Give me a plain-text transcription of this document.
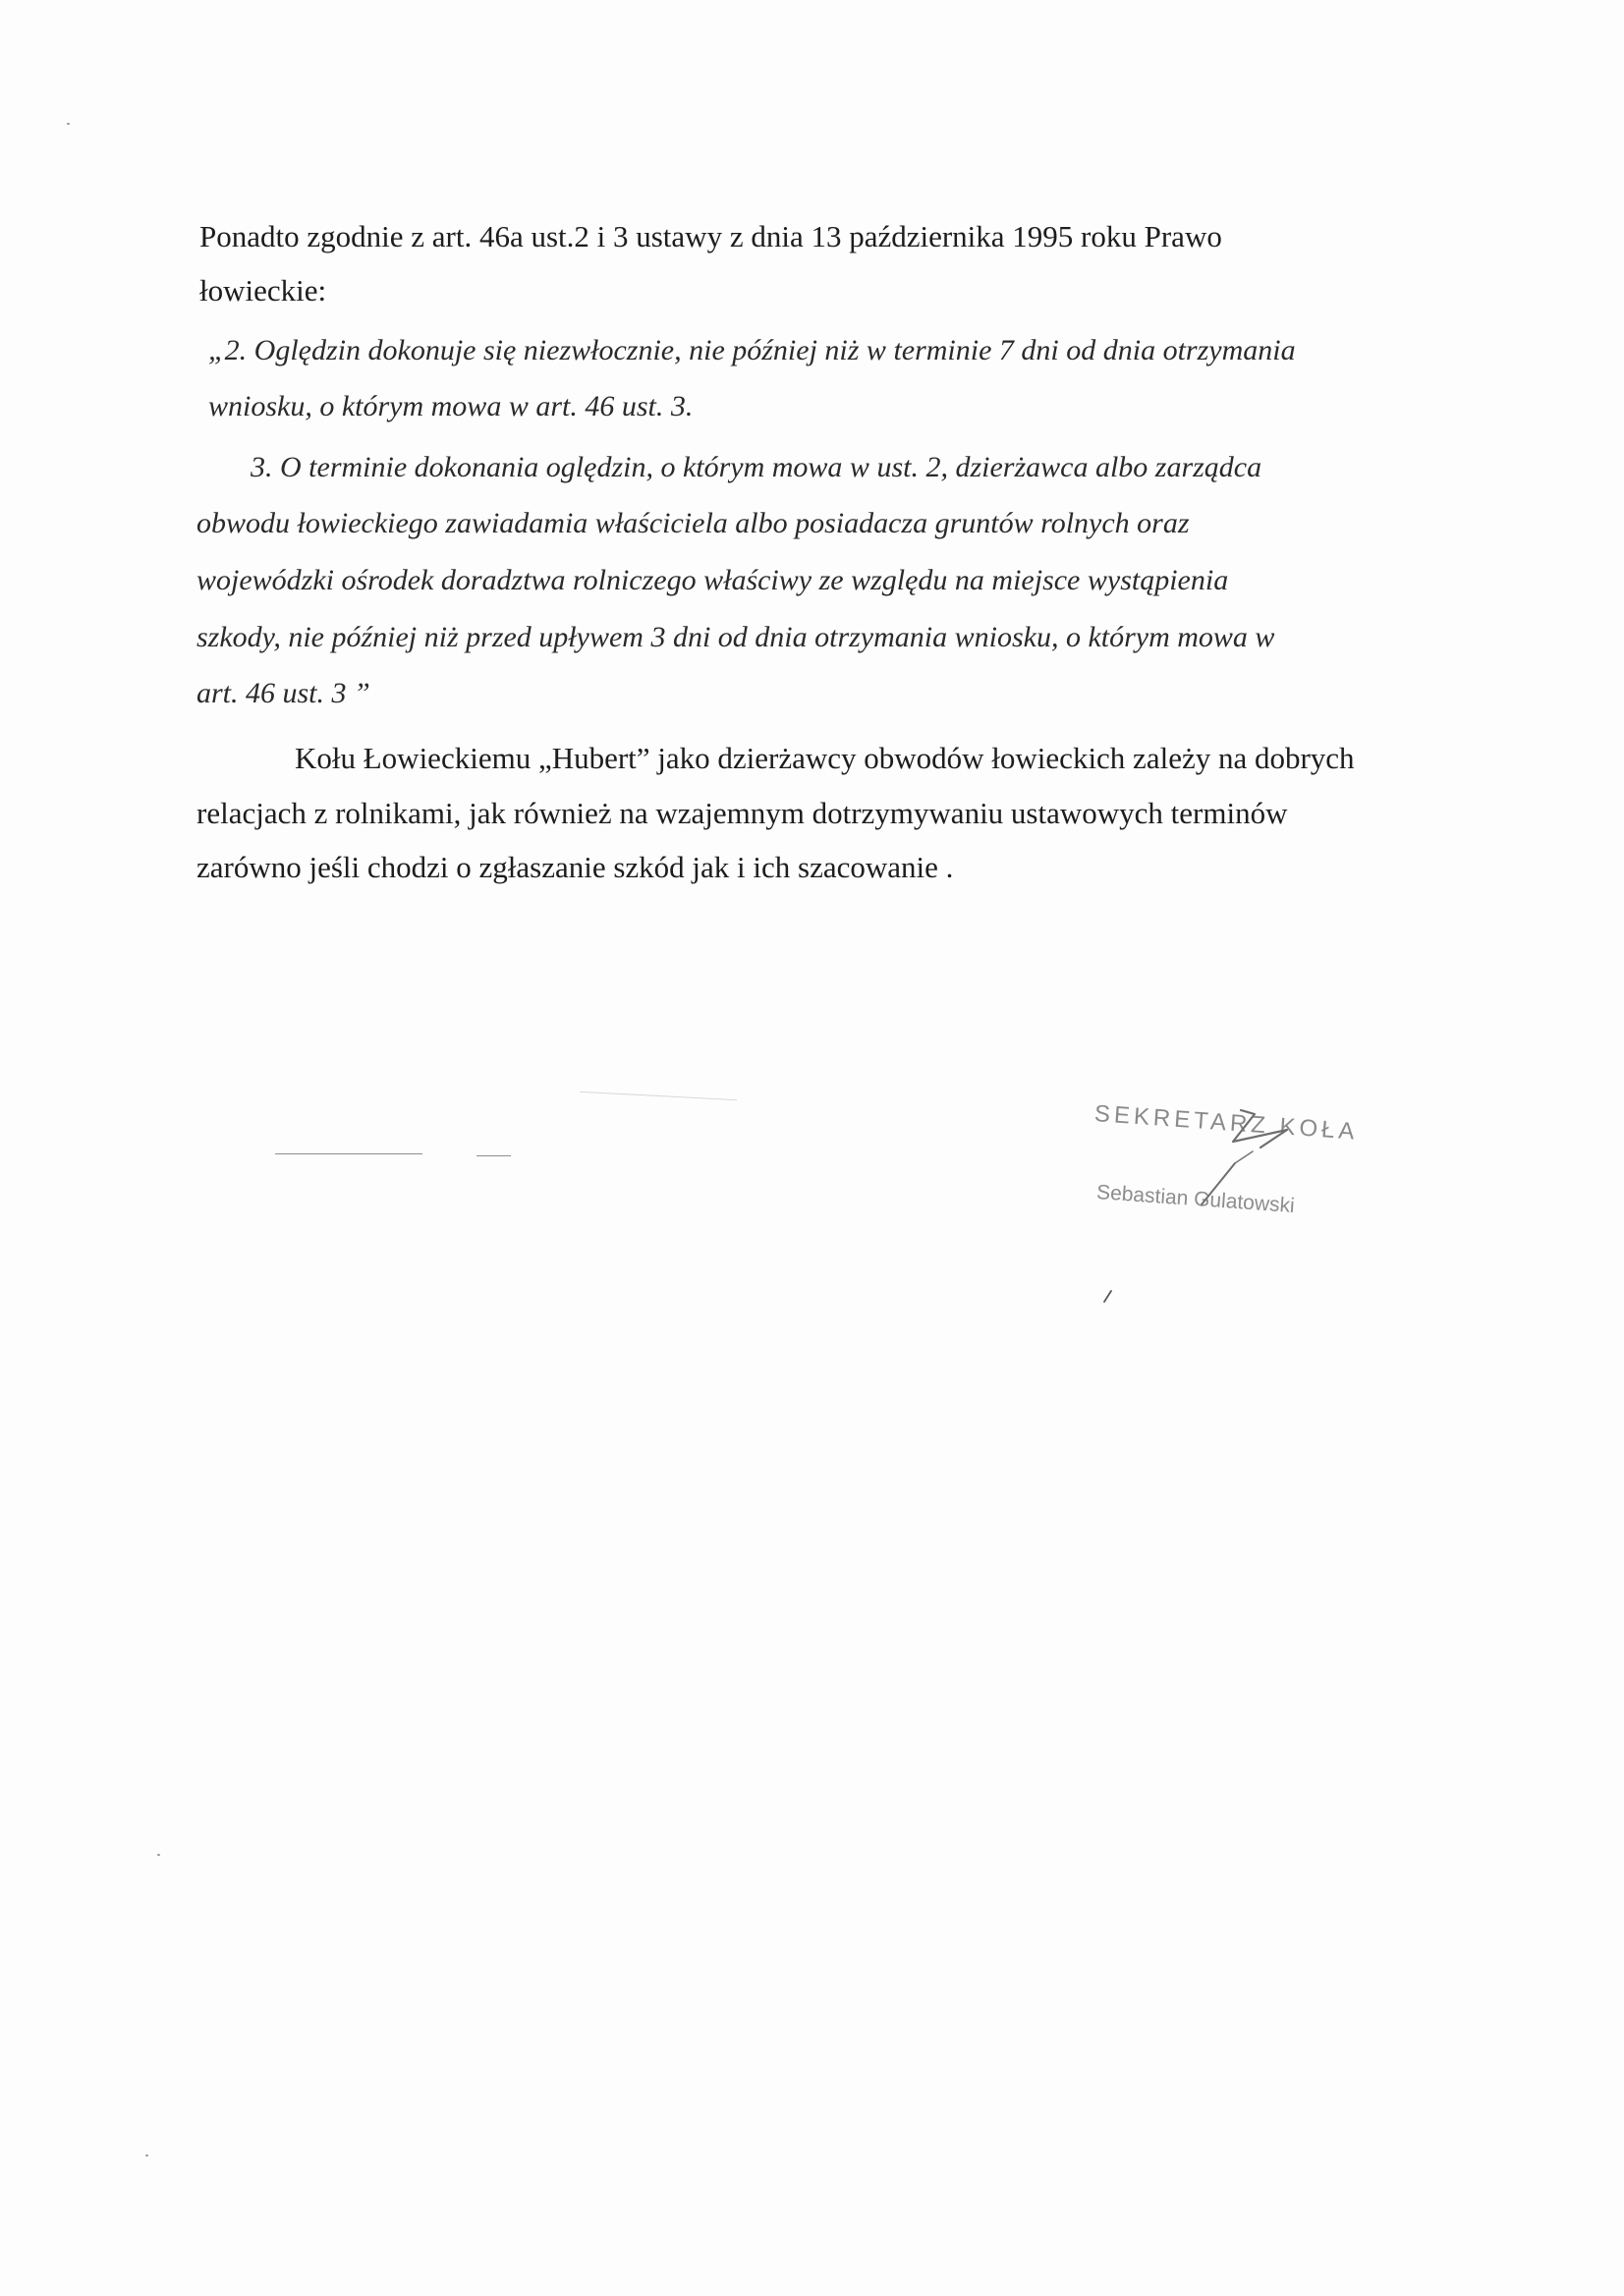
Ponadto zgodnie z art. 46a ust.2 i 3 ustawy z dnia 13 października 1995 roku Prawo
łowieckie:
„2. Oględzin dokonuje się niezwłocznie, nie później niż w terminie 7 dni od dnia otrzymania
wniosku, o którym mowa w art. 46 ust. 3.
3. O terminie dokonania oględzin, o którym mowa w ust. 2, dzierżawca albo zarządca
obwodu łowieckiego zawiadamia właściciela albo posiadacza gruntów rolnych oraz
wojewódzki ośrodek doradztwa rolniczego właściwy ze względu na miejsce wystąpienia
szkody, nie później niż przed upływem 3 dni od dnia otrzymania wniosku, o którym mowa w
art. 46 ust. 3 ”
Kołu Łowieckiemu „Hubert” jako dzierżawcy obwodów łowieckich zależy na dobrych
relacjach z rolnikami, jak również na wzajemnym dotrzymywaniu ustawowych terminów
zarówno jeśli chodzi o zgłaszanie szkód jak i ich szacowanie .
SEKRETARZ KOŁA
Sebastian Gulatowski
